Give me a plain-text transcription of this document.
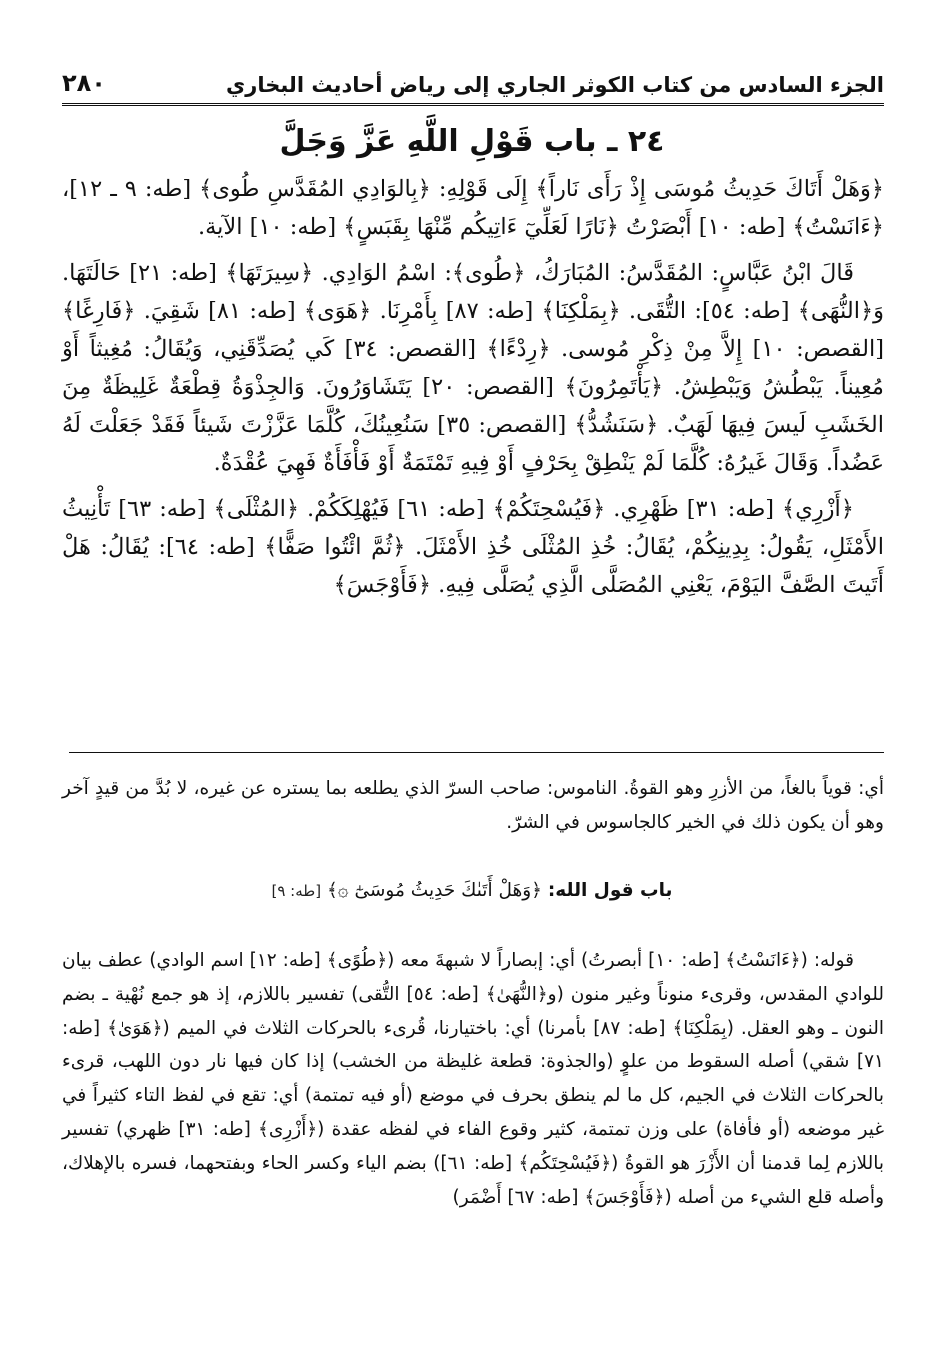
٢٨٠	الجزء السادس من كتاب الكوثر الجاري إلى رياض أحاديث البخاري
٢٤ ـ باب قَوْلِ اللَّهِ عَزَّ وَجَلَّ

﴿وَهَلْ أَتَاكَ حَدِيثُ مُوسَى إِذْ رَأَى نَاراً﴾ إِلَى قَوْلِهِ: ﴿بِالوَادِي المُقَدَّسِ طُوى﴾ [طه: ٩ ـ ١٢]، ﴿ءَانَسْتُ﴾ [طه: ١٠] أَبْصَرْتُ ﴿نَارًا لَعَلِّيٓ ءَاتِيكُم مِّنْهَا بِقَبَسٍ﴾ [طه: ١٠] الآية.

قَالَ ابْنُ عَبَّاسٍ: المُقَدَّسُ: المُبَارَكُ، ﴿طُوى﴾: اسْمُ الوَادِي. ﴿سِيرَتَهَا﴾ [طه: ٢١] حَالَتَهَا. وَ﴿النُّهَى﴾ [طه: ٥٤]: التُّقَى. ﴿بِمَلْكِنَا﴾ [طه: ٨٧] بِأَمْرِنَا. ﴿هَوَى﴾ [طه: ٨١] شَقِيَ. ﴿فَارِغًا﴾ [القصص: ١٠] إِلاَّ مِنْ ذِكْرِ مُوسى. ﴿رِدْءًا﴾ [القصص: ٣٤] كَي يُصَدِّقَنِي، وَيُقَالُ: مُغِيثاً أَوْ مُعِيناً. يَبْطُشُ وَيَبْطِشُ. ﴿يَأْتَمِرُونَ﴾ [القصص: ٢٠] يَتَشَاوَرُونَ. وَالجِذْوَةُ قِطْعَةٌ غَلِيظَةٌ مِنَ الخَشَبِ لَيسَ فِيهَا لَهَبٌ. ﴿سَنَشُدُّ﴾ [القصص: ٣٥] سَنُعِينُكَ، كُلَّمَا عَزَّزْتَ شَيئاً فَقَدْ جَعَلْتَ لَهُ عَضُداً. وَقَالَ غَيرُهُ: كُلَّمَا لَمْ يَنْطِقْ بِحَرْفٍ أَوْ فِيهِ تَمْتَمَةٌ أَوْ فَأْفَأَةٌ فَهِيَ عُقْدَةٌ.

﴿أَزْرِي﴾ [طه: ٣١] ظَهْرِي. ﴿فَيُسْحِتَكُمْ﴾ [طه: ٦١] فَيُهْلِكَكُمْ. ﴿المُثْلَى﴾ [طه: ٦٣] تَأْنِيثُ الأَمْثَلِ، يَقُولُ: بِدِينِكُمْ، يُقَالُ: خُذِ المُثْلَى خُذِ الأَمْثَلَ. ﴿ثُمَّ ائْتُوا صَفًّا﴾ [طه: ٦٤]: يُقَالُ: هَلْ أَتَيتَ الصَّفَّ اليَوْمَ، يَعْنِي المُصَلَّى الَّذِي يُصَلَّى فِيهِ. ﴿فَأَوْجَسَ﴾

أي: قوياً بالغاً، من الأزرِ وهو القوةُ. الناموس: صاحب السرّ الذي يطلعه بما يستره عن غيره، لا بُدَّ من قيدٍ آخر وهو أن يكون ذلك في الخير كالجاسوس في الشرّ.

باب قول الله: ﴿وَهَلْ أَتَىٰكَ حَدِيثُ مُوسَىٰٓ ۞﴾ [طه: ٩]

قوله: (﴿ءَانَسْتُ﴾ [طه: ١٠] أبصرتُ) أي: إبصاراً لا شبهةَ معه (﴿طُوًى﴾ [طه: ١٢] اسم الوادي) عطف بيان للوادي المقدس، وقرىء منوناً وغير منون (و﴿النُّهَىٰ﴾ [طه: ٥٤] التُّقى) تفسير باللازم، إذ هو جمع نُهْية ـ بضم النون ـ وهو العقل. (بِمَلْكِنَا﴾ [طه: ٨٧] بأمرنا) أي: باختيارنا، قُرىء بالحركات الثلاث في الميم (﴿هَوَىٰ﴾ [طه: ٧١] شقي) أصله السقوط من علوٍ (والجذوة: قطعة غليظة من الخشب) إذا كان فيها نار دون اللهب، قرىء بالحركات الثلاث في الجيم، كل ما لم ينطق بحرف في موضع (أو فيه تمتمة) أي: تقع في لفظ التاء كثيراً في غير موضعه (أو فأفاة) على وزن تمتمة، كثير وقوع الفاء في لفظه عقدة (﴿أَزْرِى﴾ [طه: ٣١] ظهري) تفسير باللازم لِما قدمنا أن الأَزْرَ هو القوةُ (﴿فَيُسْحِتَكُم﴾ [طه: ٦١]) بضم الياء وكسر الحاء وبفتحهما، فسره بالإهلاك، وأصله قلع الشيء من أصله (﴿فَأَوْجَسَ﴾ [طه: ٦٧] أَضْمَر)
